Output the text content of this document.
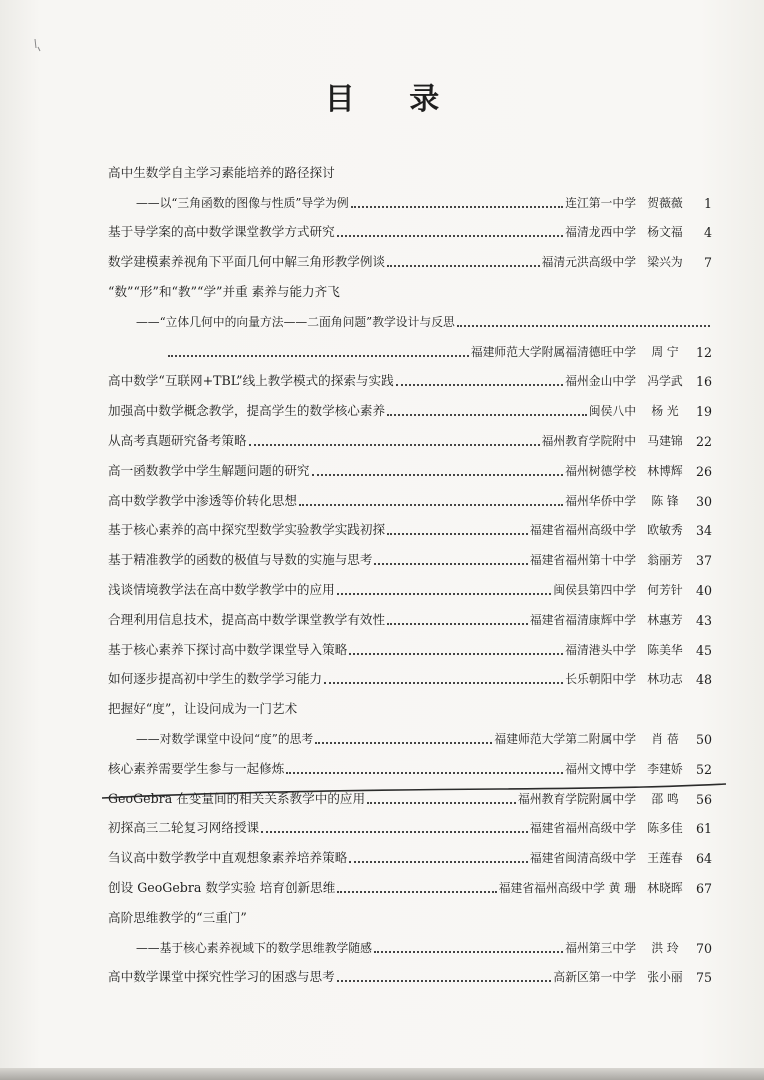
目 录
高中生数学自主学习素能培养的路径探讨
——以“三角函数的图像与性质”导学为例	连江第一中学 贺薇薇	1
基于导学案的高中数学课堂教学方式研究	福清龙西中学 杨文福	4
数学建模素养视角下平面几何中解三角形教学例谈	福清元洪高级中学 梁兴为	7
“数”“形”和“教”“学”并重 素养与能力齐飞
——“立体几何中的向量方法——二面角问题”教学设计与反思
福建师范大学附属福清德旺中学	周 宁	12
高中数学“互联网+TBL”线上教学模式的探索与实践	福州金山中学 冯学武	16
加强高中数学概念教学，提高学生的数学核心素养	闽侯八中	杨 光	19
从高考真题研究备考策略	福州教育学院附中 马建锦	22
高一函数教学中学生解题问题的研究	福州树德学校 林博辉	26
高中数学教学中渗透等价转化思想	福州华侨中学	陈 锋	30
基于核心素养的高中探究型数学实验教学实践初探	福建省福州高级中学 欧敏秀	34
基于精准教学的函数的极值与导数的实施与思考	福建省福州第十中学 翁丽芳	37
浅谈情境教学法在高中数学教学中的应用	闽侯县第四中学 何芳针	40
合理利用信息技术，提高高中数学课堂教学有效性	福建省福清康辉中学 林惠芳	43
基于核心素养下探讨高中数学课堂导入策略	福清港头中学 陈美华	45
如何逐步提高初中学生的数学学习能力	长乐朝阳中学 林功志	48
把握好“度”，让设问成为一门艺术
——对数学课堂中设问“度”的思考	福建师范大学第二附属中学	肖 蓓	50
核心素养需要学生参与一起修炼	福州文博中学 李建娇	52
GeoGebra 在变量间的相关关系教学中的应用	福州教育学院附属中学	邵 鸣	56
初探高三二轮复习网络授课	福建省福州高级中学 陈多佳	61
刍议高中数学教学中直观想象素养培养策略	福建省闽清高级中学 王莲春	64
创设 GeoGebra 数学实验 培育创新思维	福建省福州高级中学 黄 珊 林晓晖	67
高阶思维教学的“三重门”
——基于核心素养视域下的数学思维教学随感	福州第三中学	洪 玲	70
高中数学课堂中探究性学习的困惑与思考	高新区第一中学 张小丽	75
